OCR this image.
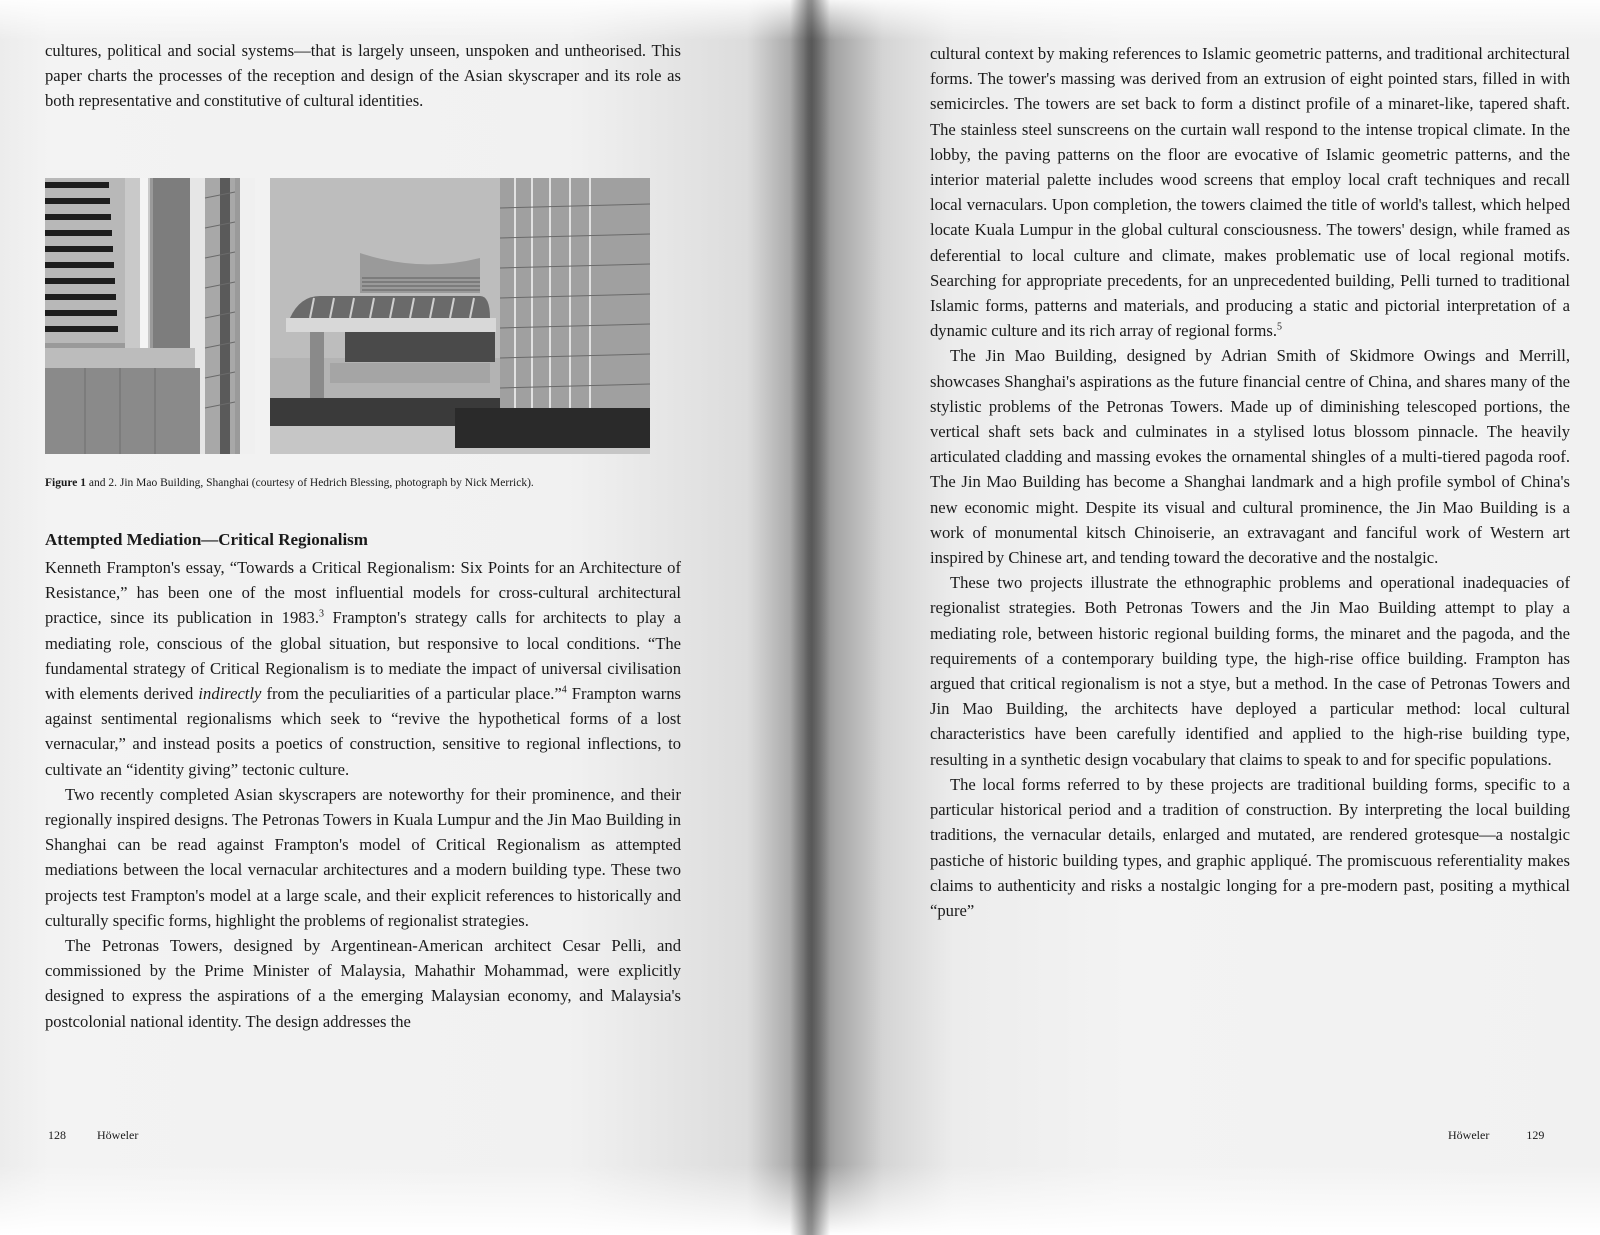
cultures, political and social systems—that is largely unseen, unspoken and untheorised. This paper charts the processes of the reception and design of the Asian skyscraper and its role as both representative and constitutive of cultural identities.

Figure 1 and 2. Jin Mao Building, Shanghai (courtesy of Hedrich Blessing, photograph by Nick Merrick).
Attempted Mediation—Critical Regionalism

Kenneth Frampton's essay, “Towards a Critical Regionalism: Six Points for an Architecture of Resistance,” has been one of the most influential models for cross-cultural architectural practice, since its publication in 1983.$^3$ Frampton's strategy calls for architects to play a mediating role, conscious of the global situation, but responsive to local conditions. “The fundamental strategy of Critical Regionalism is to mediate the impact of universal civilisation with elements derived indirectly from the peculiarities of a particular place.”$^4$ Frampton warns against sentimental regionalisms which seek to “revive the hypothetical forms of a lost vernacular,” and instead posits a poetics of construction, sensitive to regional inflections, to cultivate an “identity giving” tectonic culture.

Two recently completed Asian skyscrapers are noteworthy for their prominence, and their regionally inspired designs. The Petronas Towers in Kuala Lumpur and the Jin Mao Building in Shanghai can be read against Frampton's model of Critical Regionalism as attempted mediations between the local vernacular architectures and a modern building type. These two projects test Frampton's model at a large scale, and their explicit references to historically and culturally specific forms, highlight the problems of regionalist strategies.

The Petronas Towers, designed by Argentinean-American architect Cesar Pelli, and commissioned by the Prime Minister of Malaysia, Mahathir Mohammad, were explicitly designed to express the aspirations of a the emerging Malaysian economy, and Malaysia's postcolonial national identity. The design addresses the

128	Höweler

cultural context by making references to Islamic geometric patterns, and traditional architectural forms. The tower's massing was derived from an extrusion of eight pointed stars, filled in with semicircles. The towers are set back to form a distinct profile of a minaret-like, tapered shaft. The stainless steel sunscreens on the curtain wall respond to the intense tropical climate. In the lobby, the paving patterns on the floor are evocative of Islamic geometric patterns, and the interior material palette includes wood screens that employ local craft techniques and recall local vernaculars. Upon completion, the towers claimed the title of world's tallest, which helped locate Kuala Lumpur in the global cultural consciousness. The towers' design, while framed as deferential to local culture and climate, makes problematic use of local regional motifs. Searching for appropriate precedents, for an unprecedented building, Pelli turned to traditional Islamic forms, patterns and materials, and producing a static and pictorial interpretation of a dynamic culture and its rich array of regional forms.$^5$

The Jin Mao Building, designed by Adrian Smith of Skidmore Owings and Merrill, showcases Shanghai's aspirations as the future financial centre of China, and shares many of the stylistic problems of the Petronas Towers. Made up of diminishing telescoped portions, the vertical shaft sets back and culminates in a stylised lotus blossom pinnacle. The heavily articulated cladding and massing evokes the ornamental shingles of a multi-tiered pagoda roof. The Jin Mao Building has become a Shanghai landmark and a high profile symbol of China's new economic might. Despite its visual and cultural prominence, the Jin Mao Building is a work of monumental kitsch Chinoiserie, an extravagant and fanciful work of Western art inspired by Chinese art, and tending toward the decorative and the nostalgic.

These two projects illustrate the ethnographic problems and operational inadequacies of regionalist strategies. Both Petronas Towers and the Jin Mao Building attempt to play a mediating role, between historic regional building forms, the minaret and the pagoda, and the requirements of a contemporary building type, the high-rise office building. Frampton has argued that critical regionalism is not a stye, but a method. In the case of Petronas Towers and Jin Mao Building, the architects have deployed a particular method: local cultural characteristics have been carefully identified and applied to the high-rise building type, resulting in a synthetic design vocabulary that claims to speak to and for specific populations.

The local forms referred to by these projects are traditional building forms, specific to a particular historical period and a tradition of construction. By interpreting the local building traditions, the vernacular details, enlarged and mutated, are rendered grotesque—a nostalgic pastiche of historic building types, and graphic appliqué. The promiscuous referentiality makes claims to authenticity and risks a nostalgic longing for a pre-modern past, positing a mythical “pure”

Höweler	129
